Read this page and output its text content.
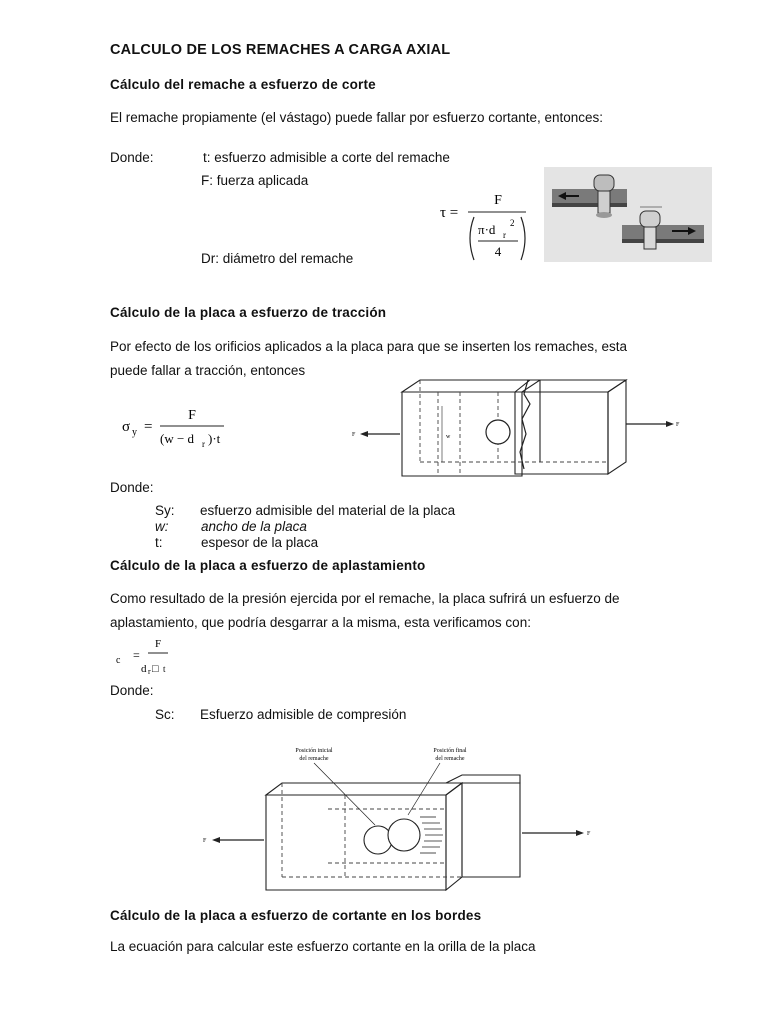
CALCULO DE LOS REMACHES A CARGA AXIAL
Cálculo del remache a esfuerzo de corte
El remache propiamente (el vástago) puede fallar por esfuerzo cortante, entonces:
Donde:	t: esfuerzo admisible a corte del remache
F: fuerza aplicada
Dr: diámetro del remache
τ =
F
π·d r
2
4
Cálculo de la placa a esfuerzo de tracción
Por efecto de los orificios aplicados a la placa para que se inserten los remaches, esta
puede fallar a tracción, entonces
σ y =
F
(w − d r )·t	w
F
F
Donde:
Sy: esfuerzo admisible del material de la placa
w: ancho de la placa
t:	espesor de la placa
Cálculo de la placa a esfuerzo de aplastamiento
Como resultado de la presión ejercida por el remache, la placa sufrirá un esfuerzo de
aplastamiento, que podría desgarrar a la misma, esta verificamos con:
c =
F
d r □ t
Donde:
Sc: Esfuerzo admisible de compresión
Posición inicial
del remache
Posición final
del remache
F
F
Cálculo de la placa a esfuerzo de cortante en los bordes
La ecuación para calcular este esfuerzo cortante en la orilla de la placa
